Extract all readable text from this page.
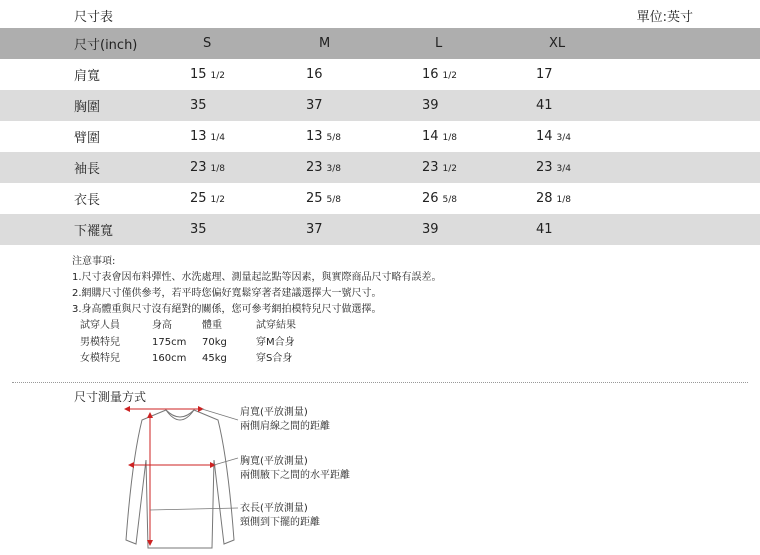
尺寸表	單位:英寸
	尺寸(inch)	S	M	L	XL	
	肩寬	15 1/2	16	16 1/2	17	
	胸圍	35	37	39	41	
	臂圍	13 1/4	13 5/8	14 1/8	14 3/4	
	袖長	23 1/8	23 3/8	23 1/2	23 3/4	
	衣長	25 1/2	25 5/8	26 5/8	28 1/8	
	下襬寬	35	37	39	41	
注意事項:
1.尺寸表會因布料彈性、水洗處理、測量起訖點等因素，與實際商品尺寸略有誤差。
2.網購尺寸僅供參考，若平時您偏好寬鬆穿著者建議選擇大一號尺寸。
3.身高體重與尺寸沒有絕對的關係，您可參考網拍模特兒尺寸做選擇。
試穿人員	身高	體重	試穿結果
男模特兒	175cm	70kg	穿M合身
女模特兒	160cm	45kg	穿S合身
尺寸測量方式
肩寬(平放測量)
兩側肩線之間的距離
胸寬(平放測量)
兩側腋下之間的水平距離
衣長(平放測量)
頸側到下擺的距離
